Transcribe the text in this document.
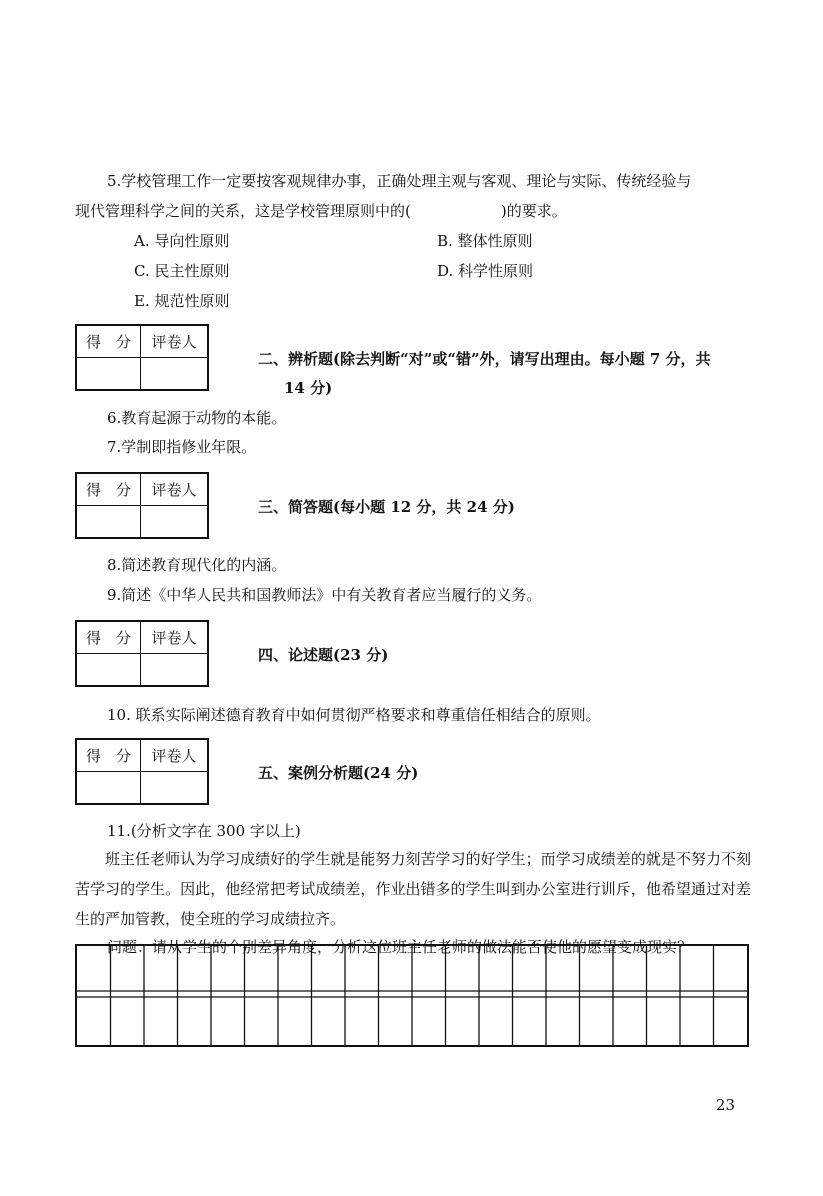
5.学校管理工作一定要按客观规律办事，正确处理主观与客观、理论与实际、传统经验与
现代管理科学之间的关系，这是学校管理原则中的(	)的要求。
A. 导向性原则	B. 整体性原则
C. 民主性原则	D. 科学性原则
E. 规范性原则
得　分	评卷人

二、辨析题(除去判断“对”或“错”外，请写出理由。每小题 7 分，共
14 分)
6.教育起源于动物的本能。
7.学制即指修业年限。
得　分	评卷人

三、简答题(每小题 12 分，共 24 分)
8.简述教育现代化的内涵。
9.简述《中华人民共和国教师法》中有关教育者应当履行的义务。
得　分	评卷人

四、论述题(23 分)
10. 联系实际阐述德育教育中如何贯彻严格要求和尊重信任相结合的原则。
得　分	评卷人

五、案例分析题(24 分)
11.(分析文字在 300 字以上)
班主任老师认为学习成绩好的学生就是能努力刻苦学习的好学生；而学习成绩差的就是不努力不刻苦学习的学生。因此，他经常把考试成绩差，作业出错多的学生叫到办公室进行训斥，他希望通过对差生的严加管教，使全班的学习成绩拉齐。
问题：请从学生的个别差异角度，分析这位班主任老师的做法能否使他的愿望变成现实？
23
